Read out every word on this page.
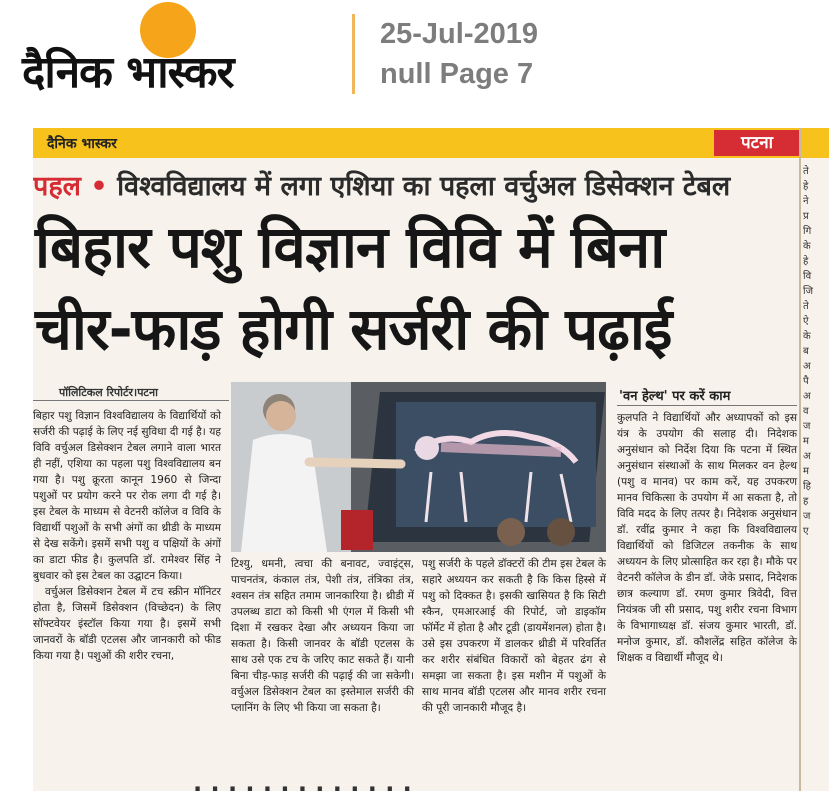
दैनिक भास्कर
25-Jul-2019
null Page 7
दैनिक भास्कर	पटना
पहल • विश्वविद्यालय में लगा एशिया का पहला वर्चुअल डिसेक्शन टेबल
बिहार पशु विज्ञान विवि में बिना
चीर-फाड़ होगी सर्जरी की पढ़ाई
पॉलिटिकल रिपोर्टर।पटना

बिहार पशु विज्ञान विश्वविद्यालय के विद्यार्थियों को सर्जरी की पढ़ाई के लिए नई सुविधा दी गई है। यह विवि वर्चुअल डिसेक्शन टेबल लगाने वाला भारत ही नहीं, एशिया का पहला पशु विश्वविद्यालय बन गया है। पशु क्रूरता कानून 1960 से जिन्दा पशुओं पर प्रयोग करने पर रोक लगा दी गई है। इस टेबल के माध्यम से वेटनरी कॉलेज व विवि के विद्यार्थी पशुओं के सभी अंगों का थ्रीडी के माध्यम से देख सकेंगे। इसमें सभी पशु व पक्षियों के अंगों का डाटा फीड है। कुलपति डॉ. रामेश्वर सिंह ने बुधवार को इस टेबल का उद्घाटन किया।

वर्चुअल डिसेक्शन टेबल में टच स्क्रीन मॉनिटर होता है, जिसमें डिसेक्शन (विच्छेदन) के लिए सॉफ्टवेयर इंस्टॉल किया गया है। इसमें सभी जानवरों के बॉडी एटलस और जानकारी को फीड किया गया है। पशुओं की शरीर रचना,

टिश्यु, धमनी, त्वचा की बनावट, ज्वाइंट्स, पाचनतंत्र, कंकाल तंत्र, पेशी तंत्र, तंत्रिका तंत्र, श्वसन तंत्र सहित तमाम जानकारिया है। थ्रीडी में उपलब्ध डाटा को किसी भी एंगल में किसी भी दिशा में रखकर देखा और अध्ययन किया जा सकता है। किसी जानवर के बॉडी एटलस के साथ उसे एक टच के जरिए काट सकते हैं। यानी बिना चीड़-फाड़ सर्जरी की पढ़ाई की जा सकेगी। वर्चुअल डिसेक्शन टेबल का इस्तेमाल सर्जरी की प्लानिंग के लिए भी किया जा सकता है।

पशु सर्जरी के पहले डॉक्टरों की टीम इस टेबल के सहारे अध्ययन कर सकती है कि किस हिस्से में पशु को दिक्कत है। इसकी खासियत है कि सिटी स्कैन, एमआरआई की रिपोर्ट, जो डाइकॉम फॉर्मेट में होता है और टूडी (डायमेंशनल) होता है। उसे इस उपकरण में डालकर थ्रीडी में परिवर्तित कर शरीर संबंधित विकारों को बेहतर ढंग से समझा जा सकता है। इस मशीन में पशुओं के साथ मानव बॉडी एटलस और मानव शरीर रचना की पूरी जानकारी मौजूद है।

'वन हेल्थ' पर करें काम

कुलपति ने विद्यार्थियों और अध्यापकों को इस यंत्र के उपयोग की सलाह दी। निदेशक अनुसंधान को निर्देश दिया कि पटना में स्थित अनुसंधान संस्थाओं के साथ मिलकर वन हेल्थ (पशु व मानव) पर काम करें, यह उपकरण मानव चिकित्सा के उपयोग में आ सकता है, तो विवि मदद के लिए तत्पर है। निदेशक अनुसंधान डॉ. रवींद्र कुमार ने कहा कि विश्वविद्यालय विद्यार्थियों को डिजिटल तकनीक के साथ अध्ययन के लिए प्रोत्साहित कर रहा है। मौके पर वेटनरी कॉलेज के डीन डॉ. जेके प्रसाद, निदेशक छात्र कल्याण डॉ. रमण कुमार त्रिवेदी, वित्त नियंत्रक जी सी प्रसाद, पशु शरीर रचना विभाग के विभागाध्यक्ष डॉ. संजय कुमार भारती, डॉ. मनोज कुमार, डॉ. कौशलेंद्र सहित कॉलेज के शिक्षक व विद्यार्थी मौजूद थे।

ते
हे
ने
प्र
गि
के
हे
वि
जि
ते
ऐ
के
ब
अ
पै
अ
व
ज
म
अ
म
हि
ह
ज
ए
· · · · · · · · · · · · ·
